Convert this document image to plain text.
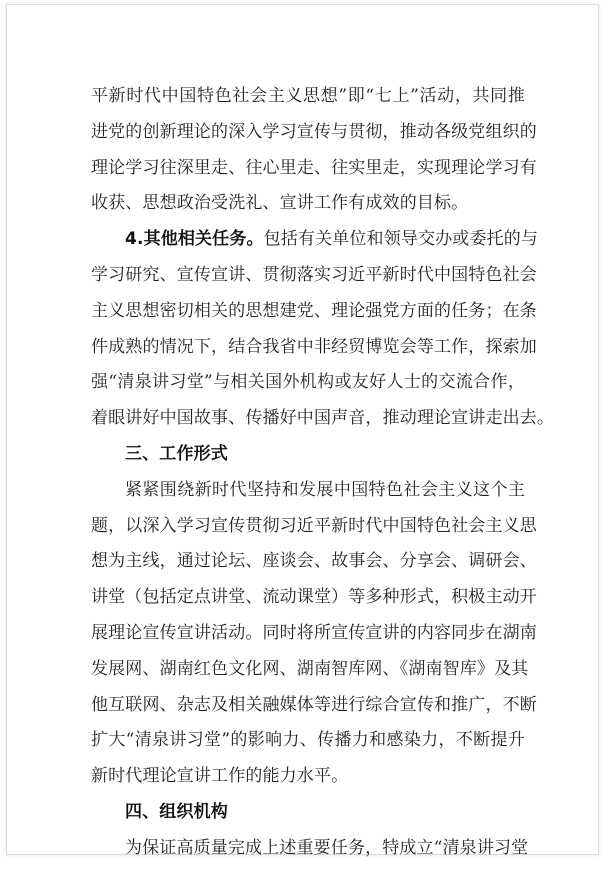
平新时代中国特色社会主义思想”即“七上”活动，共同推
进党的创新理论的深入学习宣传与贯彻，推动各级党组织的
理论学习往深里走、往心里走、往实里走，实现理论学习有
收获、思想政治受洗礼、宣讲工作有成效的目标。
4.其他相关任务。包括有关单位和领导交办或委托的与
学习研究、宣传宣讲、贯彻落实习近平新时代中国特色社会
主义思想密切相关的思想建党、理论强党方面的任务；在条
件成熟的情况下，结合我省中非经贸博览会等工作，探索加
强“清泉讲习堂”与相关国外机构或友好人士的交流合作，
着眼讲好中国故事、传播好中国声音，推动理论宣讲走出去。
三、工作形式
紧紧围绕新时代坚持和发展中国特色社会主义这个主
题，以深入学习宣传贯彻习近平新时代中国特色社会主义思
想为主线，通过论坛、座谈会、故事会、分享会、调研会、
讲堂（包括定点讲堂、流动课堂）等多种形式，积极主动开
展理论宣传宣讲活动。同时将所宣传宣讲的内容同步在湖南
发展网、湖南红色文化网、湖南智库网、《湖南智库》及其
他互联网、杂志及相关融媒体等进行综合宣传和推广，不断
扩大“清泉讲习堂”的影响力、传播力和感染力，不断提升
新时代理论宣讲工作的能力水平。
四、组织机构
为保证高质量完成上述重要任务，特成立“清泉讲习堂
